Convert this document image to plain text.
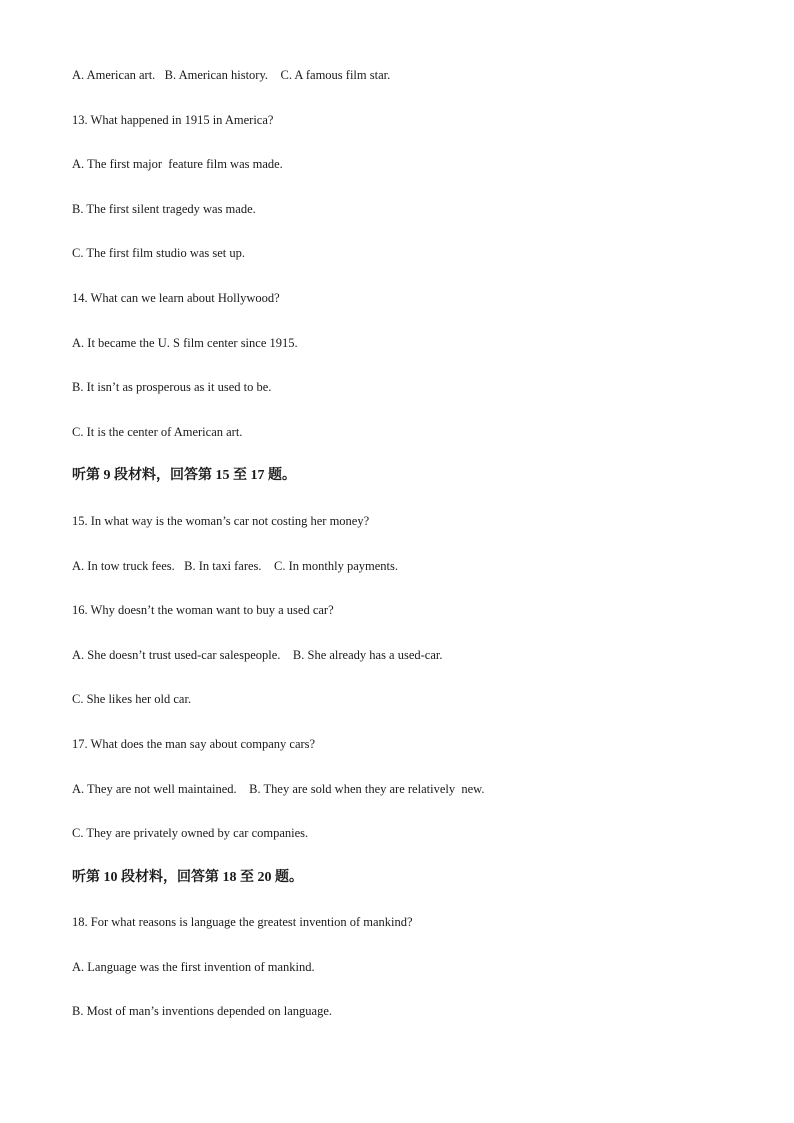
A. American art.   B. American history.    C. A famous film star.
13. What happened in 1915 in America?
A. The first major  feature film was made.
B. The first silent tragedy was made.
C. The first film studio was set up.
14. What can we learn about Hollywood?
A. It became the U. S film center since 1915.
B. It isn’t as prosperous as it used to be.
C. It is the center of American art.
听第 9 段材料，回答第 15 至 17 题。
15. In what way is the woman’s car not costing her money?
A. In tow truck fees.   B. In taxi fares.    C. In monthly payments.
16. Why doesn’t the woman want to buy a used car?
A. She doesn’t trust used-car salespeople.    B. She already has a used-car.
C. She likes her old car.
17. What does the man say about company cars?
A. They are not well maintained.    B. They are sold when they are relatively  new.
C. They are privately owned by car companies.
听第 10 段材料，回答第 18 至 20 题。
18. For what reasons is language the greatest invention of mankind?
A. Language was the first invention of mankind.
B. Most of man’s inventions depended on language.
